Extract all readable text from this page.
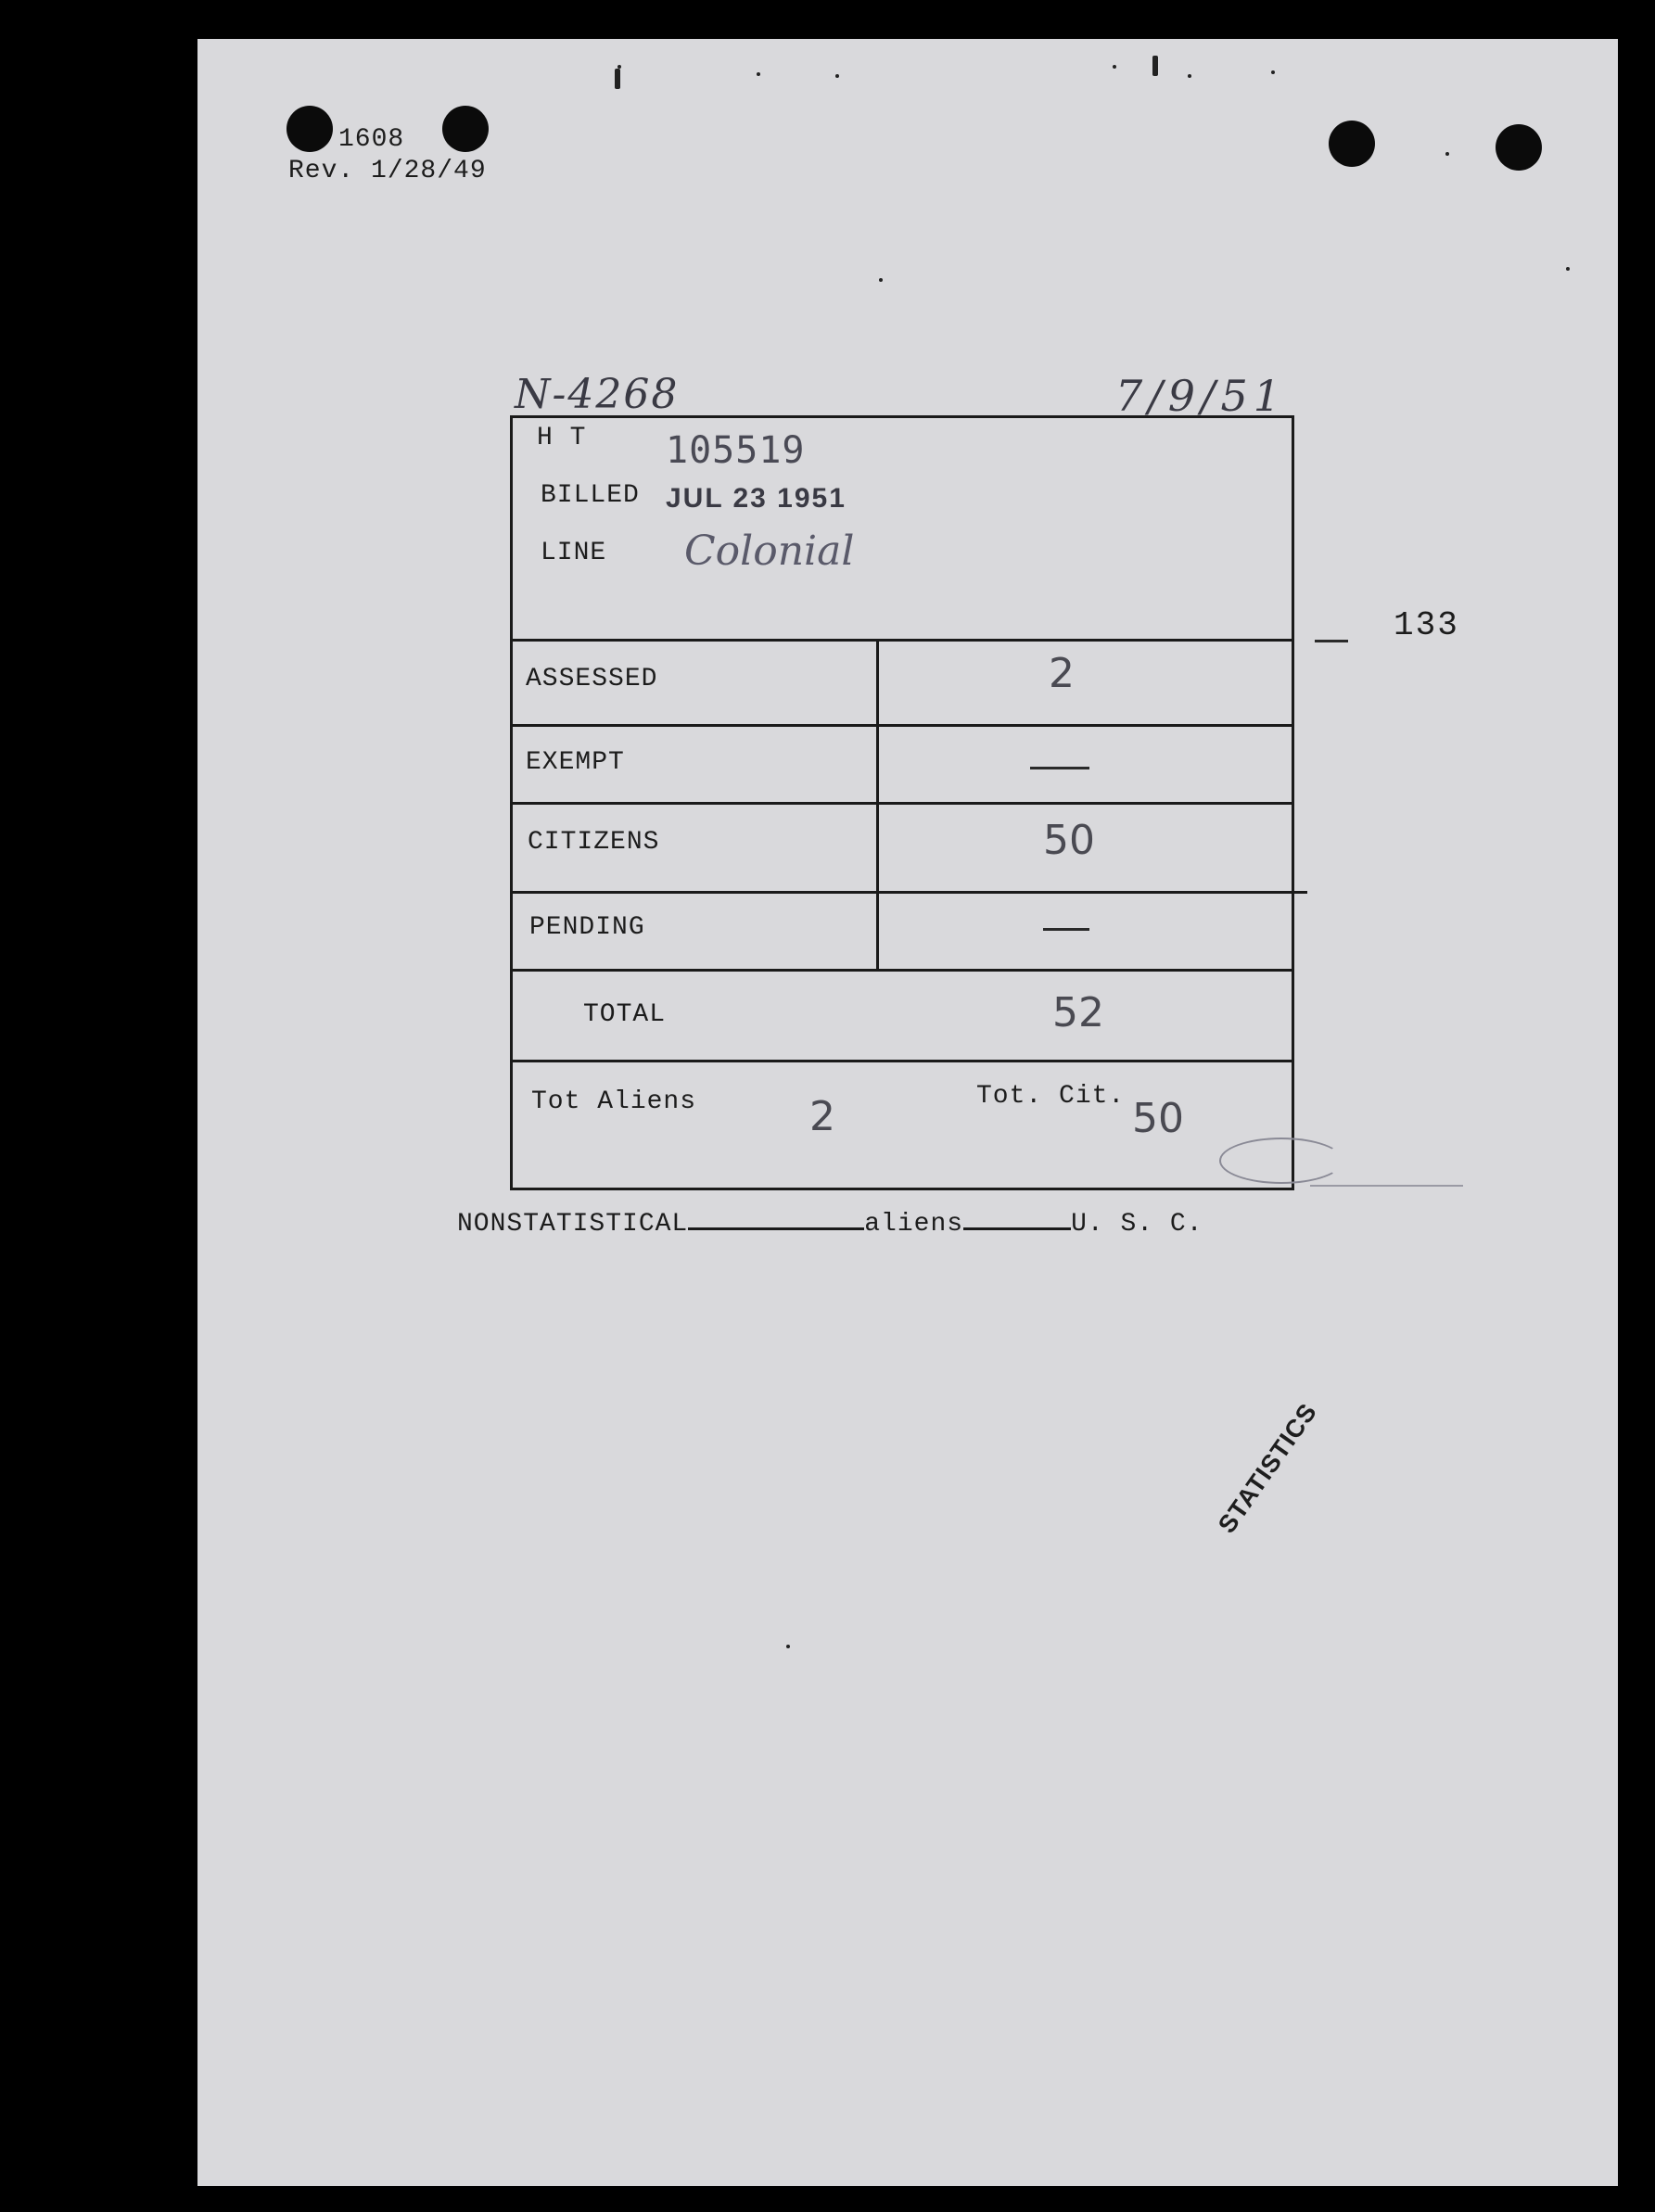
1608
Rev. 1/28/49
N-4268	7/9/51
133
H T 105519
BILLED JUL 23 1951
LINE Colonial
ASSESSED	2
EXEMPT
CITIZENS	50
PENDING
TOTAL	52
Tot Aliens	2	Tot. Cit. 50
NONSTATISTICAL	aliens	U. S. C.
STATISTICS
